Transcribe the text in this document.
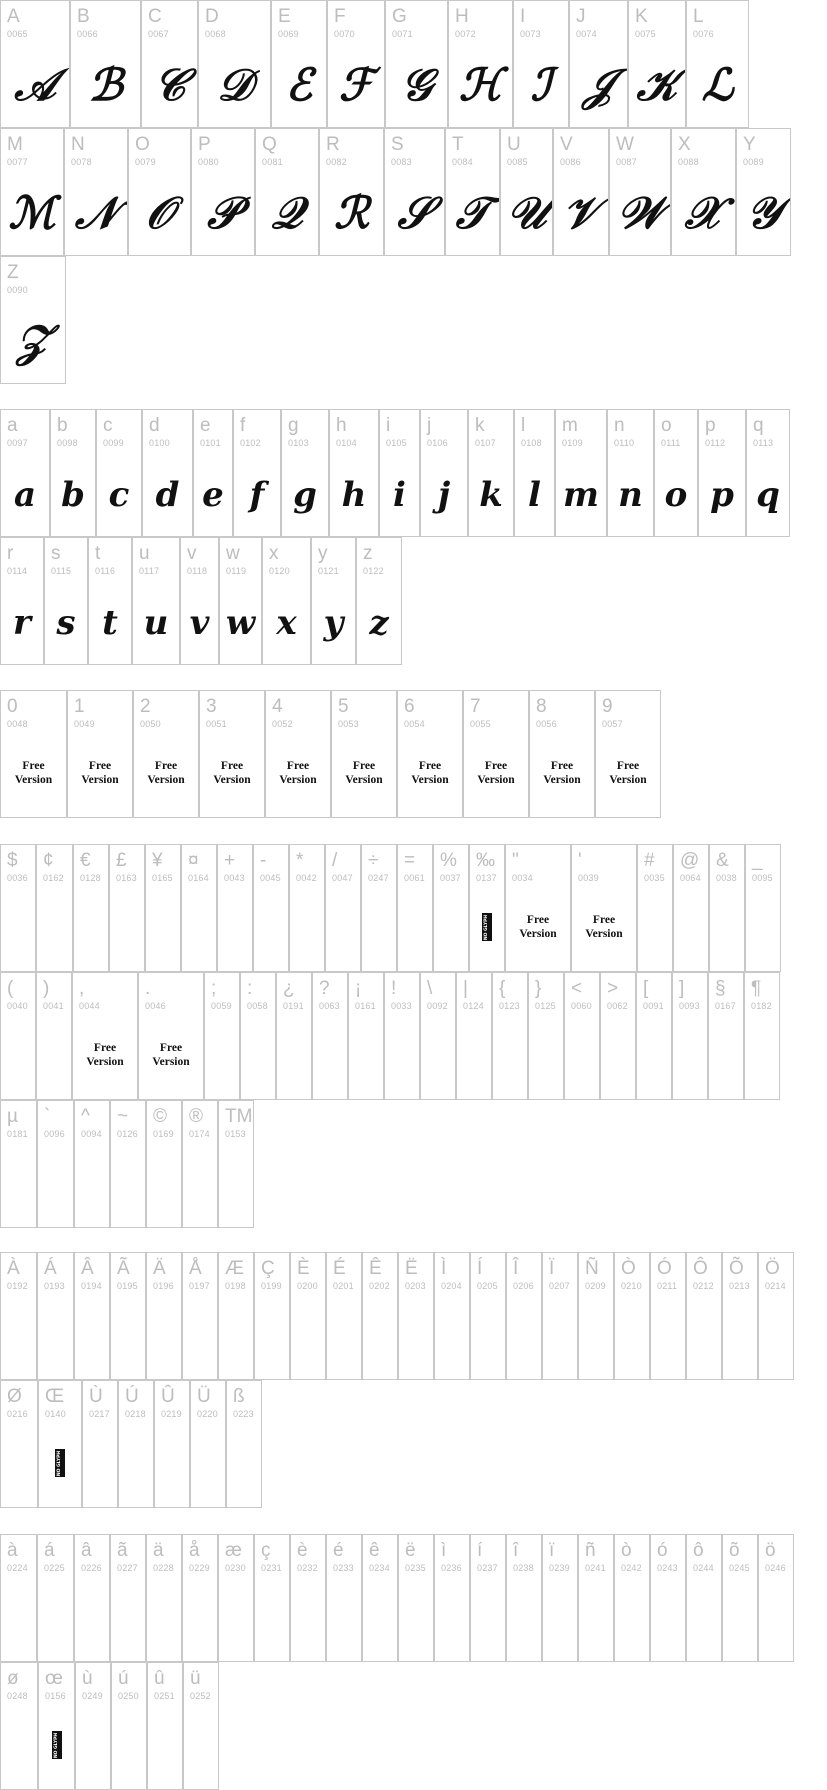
A
0065
𝒜
B
0066
ℬ
C
0067
𝒞
D
0068
𝒟
E
0069
ℰ
F
0070
ℱ
G
0071
𝒢
H
0072
ℋ
I
0073
ℐ
J
0074
𝒥
K
0075
𝒦
L
0076
ℒ
M
0077
ℳ
N
0078
𝒩
O
0079
𝒪
P
0080
𝒫
Q
0081
𝒬
R
0082
ℛ
S
0083
𝒮
T
0084
𝒯
U
0085
𝒰
V
0086
𝒱
W
0087
𝒲
X
0088
𝒳
Y
0089
𝒴
Z
0090
𝒵
a
0097
a
b
0098
b
c
0099
c
d
0100
d
e
0101
e
f
0102
f
g
0103
g
h
0104
h
i
0105
i
j
0106
j
k
0107
k
l
0108
l
m
0109
m
n
0110
n
o
0111
o
p
0112
p
q
0113
q
r
0114
r
s
0115
s
t
0116
t
u
0117
u
v
0118
v
w
0119
w
x
0120
x
y
0121
y
z
0122
z
0
0048
Free
Version
1
0049
Free
Version
2
0050
Free
Version
3
0051
Free
Version
4
0052
Free
Version
5
0053
Free
Version
6
0054
Free
Version
7
0055
Free
Version
8
0056
Free
Version
9
0057
Free
Version
$
0036
¢
0162
€
0128
£
0163
¥
0165
¤
0164
+
0043
-
0045
*
0042
/
0047
÷
0247
=
0061
%
0037
‰
0137
NO GLYPH
"
0034
Free
Version
'
0039
Free
Version
#
0035
@
0064
&
0038
_
0095
(
0040
)
0041
,
0044
Free
Version
.
0046
Free
Version
;
0059
:
0058
¿
0191
?
0063
¡
0161
!
0033
\
0092
|
0124
{
0123
}
0125
<
0060
>
0062
[
0091
]
0093
§
0167
¶
0182
µ
0181
`
0096
^
0094
~
0126
©
0169
®
0174
TM
0153
À
0192
Á
0193
Â
0194
Ã
0195
Ä
0196
Å
0197
Æ
0198
Ç
0199
È
0200
É
0201
Ê
0202
Ë
0203
Ì
0204
Í
0205
Î
0206
Ï
0207
Ñ
0209
Ò
0210
Ó
0211
Ô
0212
Õ
0213
Ö
0214
Ø
0216
Œ
0140
NO GLYPH
Ù
0217
Ú
0218
Û
0219
Ü
0220
ß
0223
à
0224
á
0225
â
0226
ã
0227
ä
0228
å
0229
æ
0230
ç
0231
è
0232
é
0233
ê
0234
ë
0235
ì
0236
í
0237
î
0238
ï
0239
ñ
0241
ò
0242
ó
0243
ô
0244
õ
0245
ö
0246
ø
0248
œ
0156
NO GLYPH
ù
0249
ú
0250
û
0251
ü
0252
